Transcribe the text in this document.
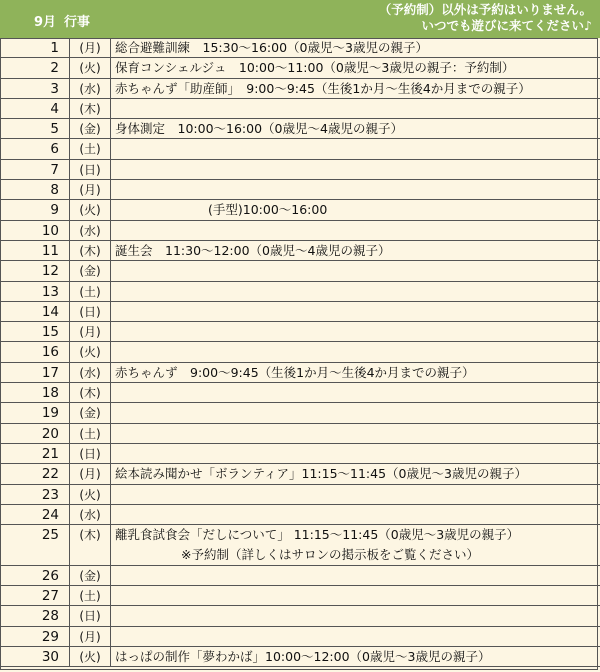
9月 行事
（予約制）以外は予約はいりません。
いつでも遊びに来てください♪
1	(月)	総合避難訓練　15:30〜16:00（0歳児〜3歳児の親子）
2	(火)	保育コンシェルジュ　10:00〜11:00（0歳児〜3歳児の親子：予約制）
3	(水)	赤ちゃんず「助産師」　9:00〜9:45（生後1か月〜生後4か月までの親子）
4	(木)
5	(金)	身体測定　10:00〜16:00（0歳児〜4歳児の親子）
6	(土)
7	(日)
8	(月)
9	(火)	(手型)10:00〜16:00
10	(水)
11	(木)	誕生会　11:30〜12:00（0歳児〜4歳児の親子）
12	(金)
13	(土)
14	(日)
15	(月)
16	(火)
17	(水)	赤ちゃんず　9:00〜9:45（生後1か月〜生後4か月までの親子）
18	(木)
19	(金)
20	(土)
21	(日)
22	(月)	絵本読み聞かせ「ボランティア」11:15〜11:45（0歳児〜3歳児の親子）
23	(火)
24	(水)
25	(木)	離乳食試食会「だしについて」 11:15〜11:45（0歳児〜3歳児の親子）
※予約制（詳しくはサロンの掲示板をご覧ください）
26	(金)
27	(土)
28	(日)
29	(月)
30	(火)	はっぱの制作「夢わかば」10:00〜12:00（0歳児〜3歳児の親子）
